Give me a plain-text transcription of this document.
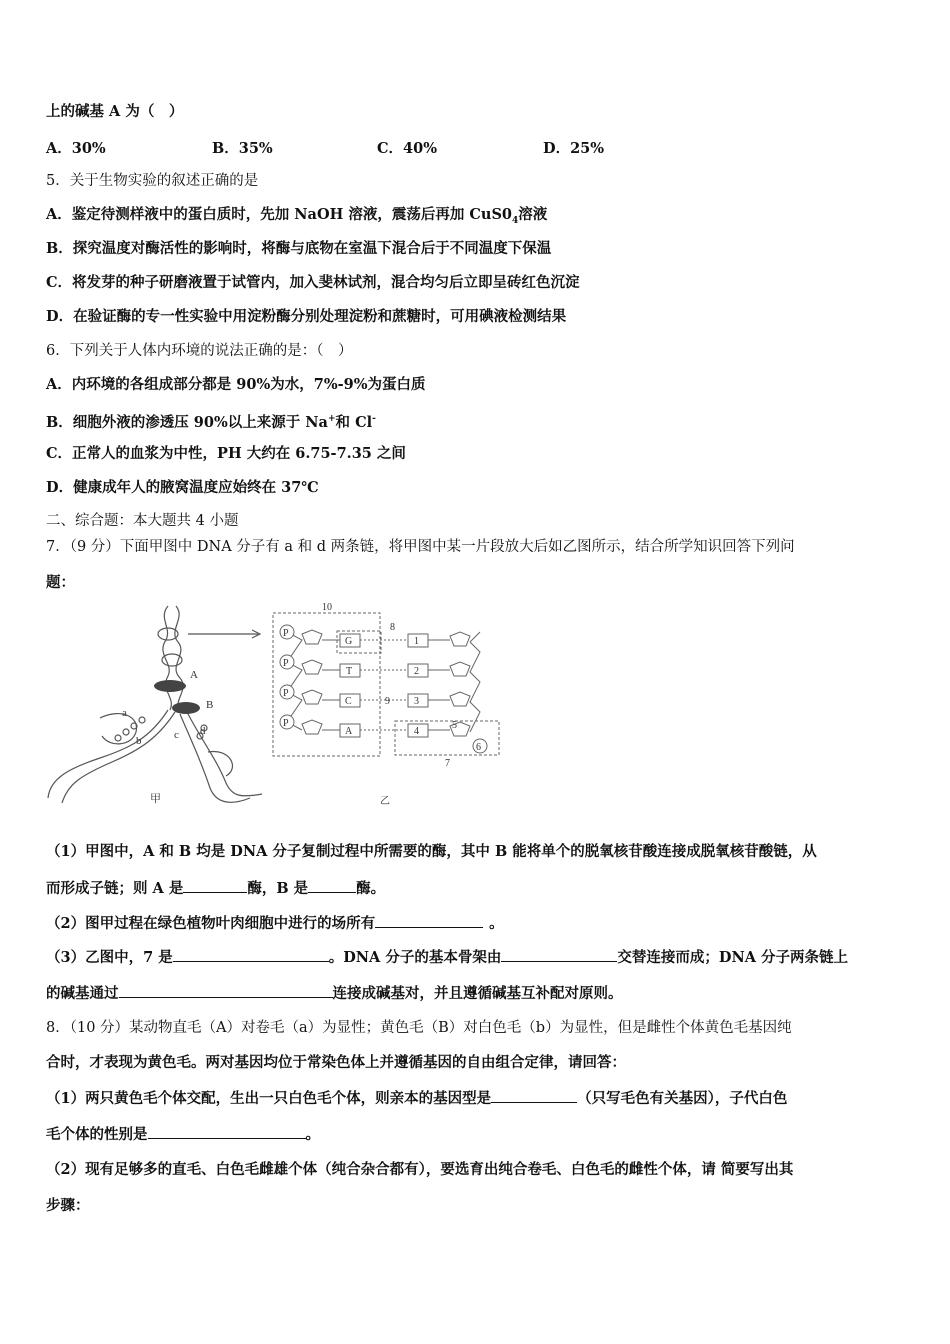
上的碱基 A 为（　）
A．30%	B．35%	C．40%	D．25%
5．关于生物实验的叙述正确的是
A．鉴定待测样液中的蛋白质时，先加 NaOH 溶液，震荡后再加 $CuS0_4$溶液
B．探究温度对酶活性的影响时，将酶与底物在室温下混合后于不同温度下保温
C．将发芽的种子研磨液置于试管内，加入斐林试剂，混合均匀后立即呈砖红色沉淀
D．在验证酶的专一性实验中用淀粉酶分别处理淀粉和蔗糖时，可用碘液检测结果
6．下列关于人体内环境的说法正确的是：（　）
A．内环境的各组成部分都是 90%为水，7%-9%为蛋白质
B．细胞外液的渗透压 90%以上来源于 Na+和 Cl-
C．正常人的血浆为中性，PH 大约在 6.75-7.35 之间
D．健康成年人的腋窝温度应始终在 37℃
二、综合题：本大题共 4 小题
7．（9 分）下面甲图中 DNA 分子有 a 和 d 两条链，将甲图中某一片段放大后如乙图所示，结合所学知识回答下列问
题：
A
B
a
b	c d
甲
P
G	1
P
T	2
P
C	9 3
P
A	4
10
8
5
6
7
乙
（1）甲图中，A 和 B 均是 DNA 分子复制过程中所需要的酶，其中 B 能将单个的脱氧核苷酸连接成脱氧核苷酸链，从
而形成子链；则 A 是	酶，B 是	酶。
（2）图甲过程在绿色植物叶肉细胞中进行的场所有	。
（3）乙图中，7 是	。DNA 分子的基本骨架由	交替连接而成；DNA 分子两条链上
的碱基通过	连接成碱基对，并且遵循碱基互补配对原则。
8．（10 分）某动物直毛（A）对卷毛（a）为显性；黄色毛（B）对白色毛（b）为显性，但是雌性个体黄色毛基因纯
合时，才表现为黄色毛。两对基因均位于常染色体上并遵循基因的自由组合定律，请回答：
（1）两只黄色毛个体交配，生出一只白色毛个体，则亲本的基因型是	（只写毛色有关基因），子代白色
毛个体的性别是	。
（2）现有足够多的直毛、白色毛雌雄个体（纯合杂合都有），要选育出纯合卷毛、白色毛的雌性个体，请 简要写出其
步骤：
